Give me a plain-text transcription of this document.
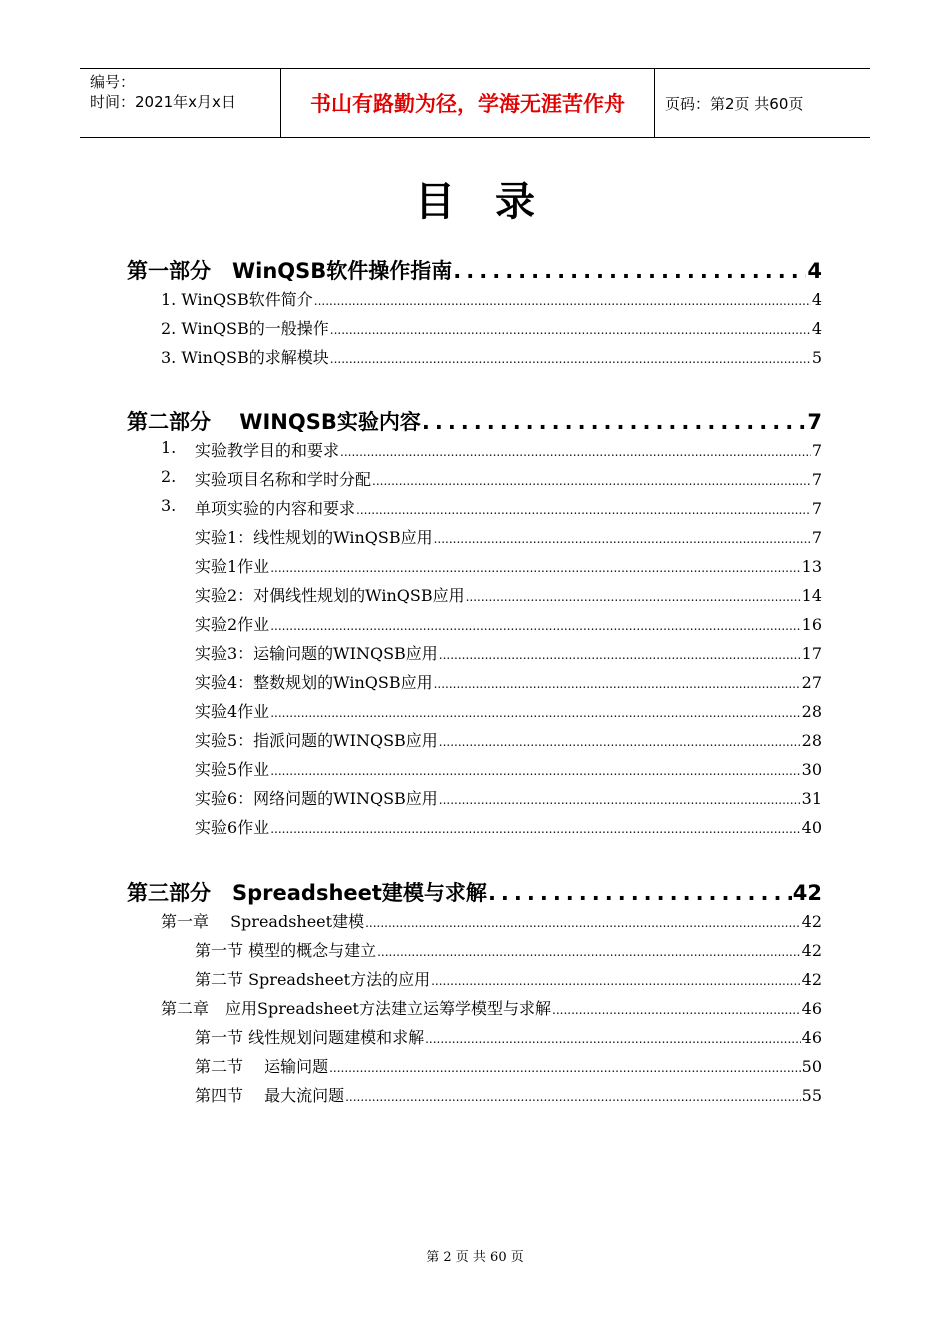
编号：
时间：2021年x月x日	书山有路勤为径，学海无涯苦作舟	页码：第2页 共60页
目录
第一部分　WinQSB软件操作指南 .....	4
1. WinQSB软件简介 .....	4
2. WinQSB的一般操作 .....	4
3. WinQSB的求解模块 .....	5
第二部分　 WINQSB实验内容 .....	7
1. 实验教学目的和要求 .....	7
2. 实验项目名称和学时分配 .....	7
3. 单项实验的内容和要求 .....	7
实验1：线性规划的WinQSB应用 .....	7
实验1作业 .....	13
实验2：对偶线性规划的WinQSB应用 .....	14
实验2作业 .....	16
实验3：运输问题的WINQSB应用 .....	17
实验4：整数规划的WinQSB应用 .....	27
实验4作业 .....	28
实验5：指派问题的WINQSB应用 .....	28
实验5作业 .....	30
实验6：网络问题的WINQSB应用 .....	31
实验6作业 .....	40
第三部分　Spreadsheet建模与求解 .....	42
第一章　 Spreadsheet建模 .....	42
第一节 模型的概念与建立 .....	42
第二节 Spreadsheet方法的应用 .....	42
第二章　应用Spreadsheet方法建立运筹学模型与求解 .....	46
第一节 线性规划问题建模和求解 .....	46
第二节　 运输问题 .....	50
第四节　 最大流问题 .....	55
第 2 页 共 60 页
